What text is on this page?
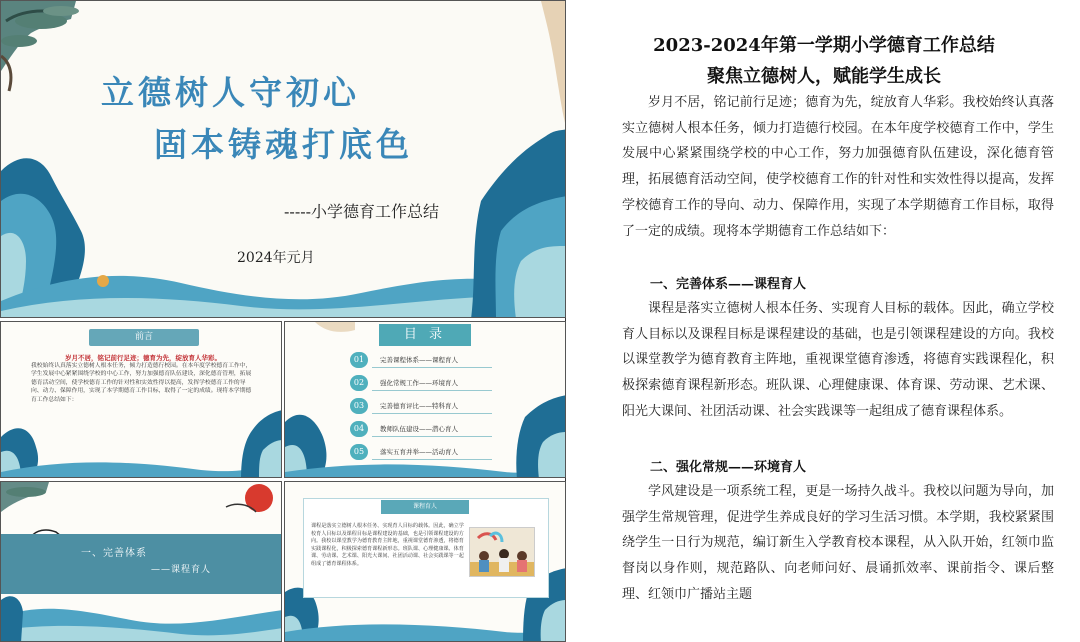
立德树人守初心
固本铸魂打底色
-----小学德育工作总结
2024年元月
前言
岁月不居，铭记前行足迹；德育为先，绽放育人华彩。
我校始终认真落实立德树人根本任务，倾力打造德行校园。在本年度学校德育工作中，学生发展中心紧紧围绕学校的中心工作，努力加强德育队伍建设，深化德育管理，拓展德育活动空间，使学校德育工作的针对性和实效性得以提高，发挥学校德育工作的导向、动力、保障作用，实现了本学期德育工作目标，取得了一定的成绩。现将本学期德育工作总结如下：
目 录
01	完善课程体系——课程育人
02	强化常规工作——环境育人
03	完善德育评比——特科育人
04	教师队伍建设——潜心育人
05	落实五育并举——活动育人
一、完善体系
——课程育人
课程育人
课程是落实立德树人根本任务、实现育人目标的载体。因此，确立学校育人目标以及课程目标是课程建设的基础，也是引领课程建设的方向。我校以课堂教学为德育教育主阵地，重视课堂德育渗透，将德育实践课程化，积极探索德育课程新形态。班队课、心理健康课、体育课、劳动课、艺术课、阳光大课间、社团活动课、社会实践课等一起组成了德育课程体系。
2023-2024年第一学期小学德育工作总结
聚焦立德树人，赋能学生成长
岁月不居，铭记前行足迹；德育为先，绽放育人华彩。我校始终认真落实立德树人根本任务，倾力打造德行校园。在本年度学校德育工作中，学生发展中心紧紧围绕学校的中心工作，努力加强德育队伍建设，深化德育管理，拓展德育活动空间，使学校德育工作的针对性和实效性得以提高，发挥学校德育工作的导向、动力、保障作用，实现了本学期德育工作目标，取得了一定的成绩。现将本学期德育工作总结如下：
一、完善体系——课程育人
课程是落实立德树人根本任务、实现育人目标的载体。因此，确立学校育人目标以及课程目标是课程建设的基础，也是引领课程建设的方向。我校以课堂教学为德育教育主阵地，重视课堂德育渗透，将德育实践课程化，积极探索德育课程新形态。班队课、心理健康课、体育课、劳动课、艺术课、阳光大课间、社团活动课、社会实践课等一起组成了德育课程体系。
二、强化常规——环境育人
学风建设是一项系统工程，更是一场持久战斗。我校以问题为导向，加强学生常规管理，促进学生养成良好的学习生活习惯。本学期，我校紧紧围绕学生一日行为规范，编订新生入学教育校本课程，从入队开始，红领巾监督岗以身作则，规范路队、向老师问好、晨诵抓效率、课前指令、课后整理、红领巾广播站主题
